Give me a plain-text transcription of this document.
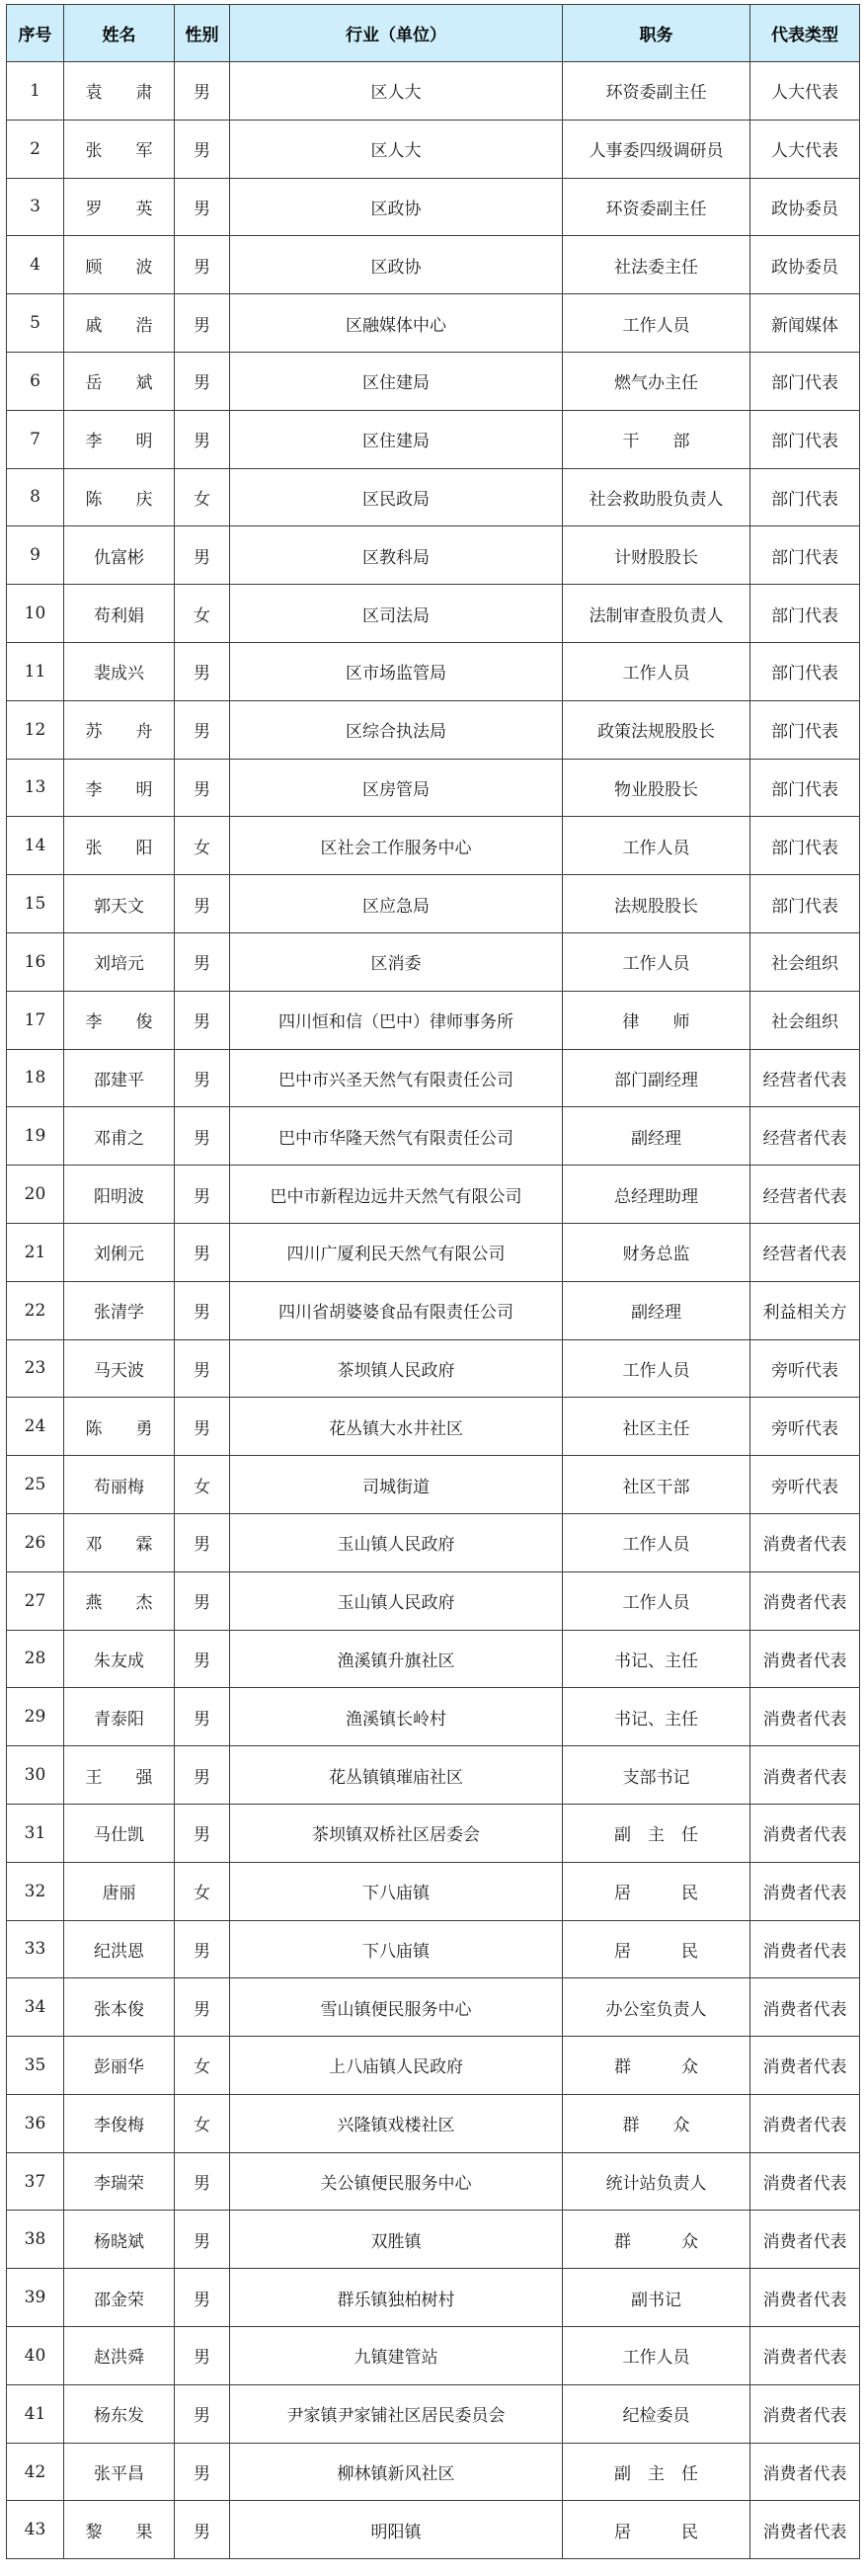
序号	姓名	性别	行业（单位）	职务	代表类型
1	袁　　肃	男	区人大	环资委副主任	人大代表
2	张　　军	男	区人大	人事委四级调研员	人大代表
3	罗　　英	男	区政协	环资委副主任	政协委员
4	顾　　波	男	区政协	社法委主任	政协委员
5	戚　　浩	男	区融媒体中心	工作人员	新闻媒体
6	岳　　斌	男	区住建局	燃气办主任	部门代表
7	李　　明	男	区住建局	干　　部	部门代表
8	陈　　庆	女	区民政局	社会救助股负责人	部门代表
9	仇富彬	男	区教科局	计财股股长	部门代表
10	苟利娟	女	区司法局	法制审查股负责人	部门代表
11	裴成兴	男	区市场监管局	工作人员	部门代表
12	苏　　舟	男	区综合执法局	政策法规股股长	部门代表
13	李　　明	男	区房管局	物业股股长	部门代表
14	张　　阳	女	区社会工作服务中心	工作人员	部门代表
15	郭天文	男	区应急局	法规股股长	部门代表
16	刘培元	男	区消委	工作人员	社会组织
17	李　　俊	男	四川恒和信（巴中）律师事务所	律　　师	社会组织
18	邵建平	男	巴中市兴圣天然气有限责任公司	部门副经理	经营者代表
19	邓甫之	男	巴中市华隆天然气有限责任公司	副经理	经营者代表
20	阳明波	男	巴中市新程边远井天然气有限公司	总经理助理	经营者代表
21	刘俐元	男	四川广厦利民天然气有限公司	财务总监	经营者代表
22	张清学	男	四川省胡婆婆食品有限责任公司	副经理	利益相关方
23	马天波	男	茶坝镇人民政府	工作人员	旁听代表
24	陈　　勇	男	花丛镇大水井社区	社区主任	旁听代表
25	苟丽梅	女	司城街道	社区干部	旁听代表
26	邓　　霖	男	玉山镇人民政府	工作人员	消费者代表
27	燕　　杰	男	玉山镇人民政府	工作人员	消费者代表
28	朱友成	男	渔溪镇升旗社区	书记、主任	消费者代表
29	青泰阳	男	渔溪镇长岭村	书记、主任	消费者代表
30	王　　强	男	花丛镇镇璀庙社区	支部书记	消费者代表
31	马仕凯	男	茶坝镇双桥社区居委会	副　主　任	消费者代表
32	唐丽	女	下八庙镇	居　　　民	消费者代表
33	纪洪恩	男	下八庙镇	居　　　民	消费者代表
34	张本俊	男	雪山镇便民服务中心	办公室负责人	消费者代表
35	彭丽华	女	上八庙镇人民政府	群　　　众	消费者代表
36	李俊梅	女	兴隆镇戏楼社区	群　　众	消费者代表
37	李瑞荣	男	关公镇便民服务中心	统计站负责人	消费者代表
38	杨晓斌	男	双胜镇	群　　　众	消费者代表
39	邵金荣	男	群乐镇独柏树村	副书记	消费者代表
40	赵洪舜	男	九镇建管站	工作人员	消费者代表
41	杨东发	男	尹家镇尹家铺社区居民委员会	纪检委员	消费者代表
42	张平昌	男	柳林镇新风社区	副　主　任	消费者代表
43	黎　　果	男	明阳镇	居　　　民	消费者代表
